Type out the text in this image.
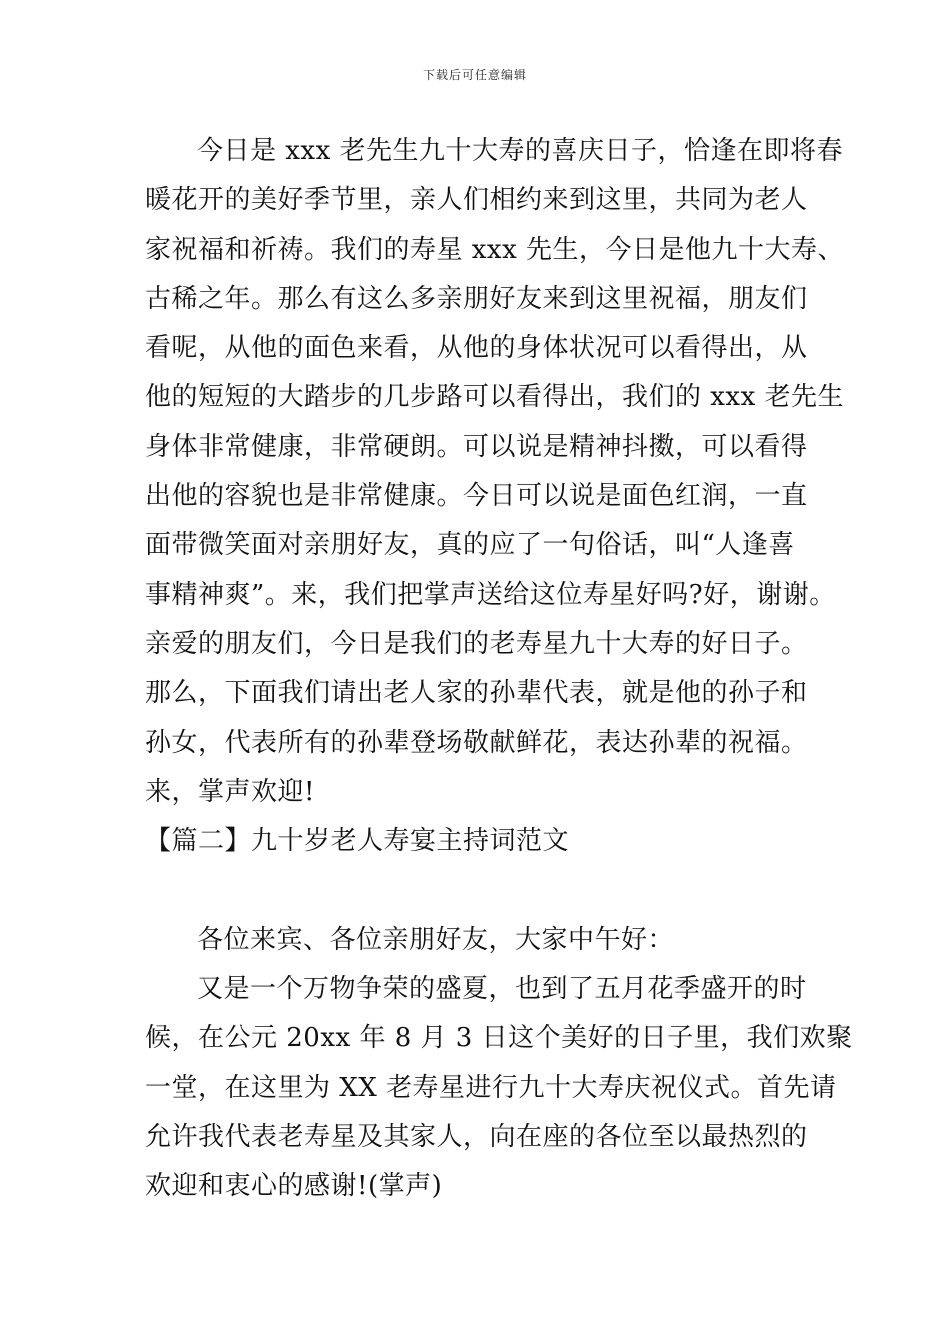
下载后可任意编辑
今日是 xxx 老先生九十大寿的喜庆日子，恰逢在即将春
暖花开的美好季节里，亲人们相约来到这里，共同为老人
家祝福和祈祷。我们的寿星 xxx 先生，今日是他九十大寿、
古稀之年。那么有这么多亲朋好友来到这里祝福，朋友们
看呢，从他的面色来看，从他的身体状况可以看得出，从
他的短短的大踏步的几步路可以看得出，我们的 xxx 老先生
身体非常健康，非常硬朗。可以说是精神抖擞，可以看得
出他的容貌也是非常健康。今日可以说是面色红润，一直
面带微笑面对亲朋好友，真的应了一句俗话，叫“人逢喜
事精神爽”。来，我们把掌声送给这位寿星好吗?好，谢谢。
亲爱的朋友们，今日是我们的老寿星九十大寿的好日子。
那么，下面我们请出老人家的孙辈代表，就是他的孙子和
孙女，代表所有的孙辈登场敬献鲜花，表达孙辈的祝福。
来，掌声欢迎!
【篇二】九十岁老人寿宴主持词范文
各位来宾、各位亲朋好友，大家中午好：
又是一个万物争荣的盛夏，也到了五月花季盛开的时
候，在公元 20xx 年 8 月 3 日这个美好的日子里，我们欢聚
一堂，在这里为 XX 老寿星进行九十大寿庆祝仪式。首先请
允许我代表老寿星及其家人，向在座的各位至以最热烈的
欢迎和衷心的感谢!(掌声)
